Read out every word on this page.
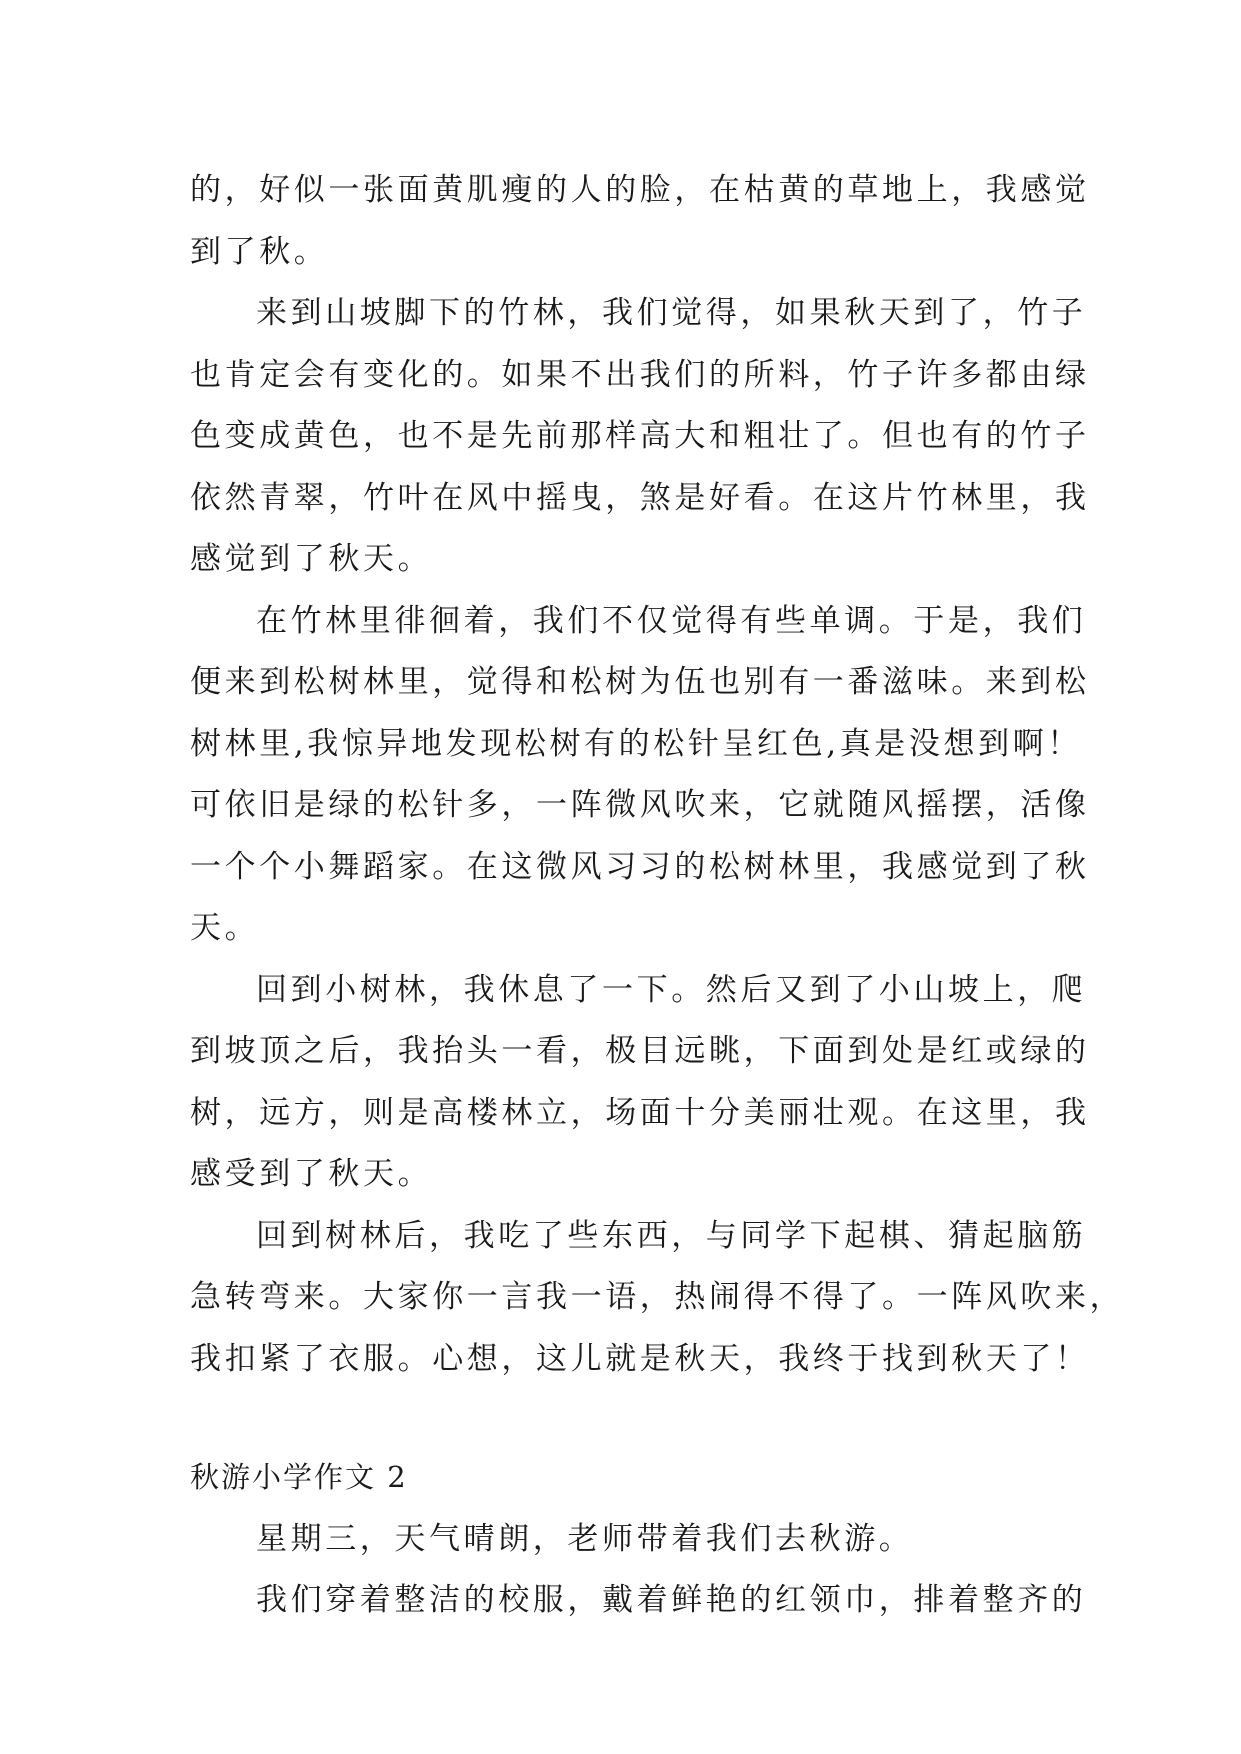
的，好似一张面黄肌瘦的人的脸，在枯黄的草地上，我感觉
到了秋。

来到山坡脚下的竹林，我们觉得，如果秋天到了，竹子
也肯定会有变化的。如果不出我们的所料，竹子许多都由绿
色变成黄色，也不是先前那样高大和粗壮了。但也有的竹子
依然青翠，竹叶在风中摇曳，煞是好看。在这片竹林里，我
感觉到了秋天。

在竹林里徘徊着，我们不仅觉得有些单调。于是，我们
便来到松树林里，觉得和松树为伍也别有一番滋味。来到松
树林里,我惊异地发现松树有的松针呈红色,真是没想到啊！
可依旧是绿的松针多，一阵微风吹来，它就随风摇摆，活像
一个个小舞蹈家。在这微风习习的松树林里，我感觉到了秋
天。

回到小树林，我休息了一下。然后又到了小山坡上，爬
到坡顶之后，我抬头一看，极目远眺，下面到处是红或绿的
树，远方，则是高楼林立，场面十分美丽壮观。在这里，我
感受到了秋天。

回到树林后，我吃了些东西，与同学下起棋、猜起脑筋
急转弯来。大家你一言我一语，热闹得不得了。一阵风吹来，
我扣紧了衣服。心想，这儿就是秋天，我终于找到秋天了！

秋游小学作文 2

星期三，天气晴朗，老师带着我们去秋游。

我们穿着整洁的校服，戴着鲜艳的红领巾，排着整齐的
